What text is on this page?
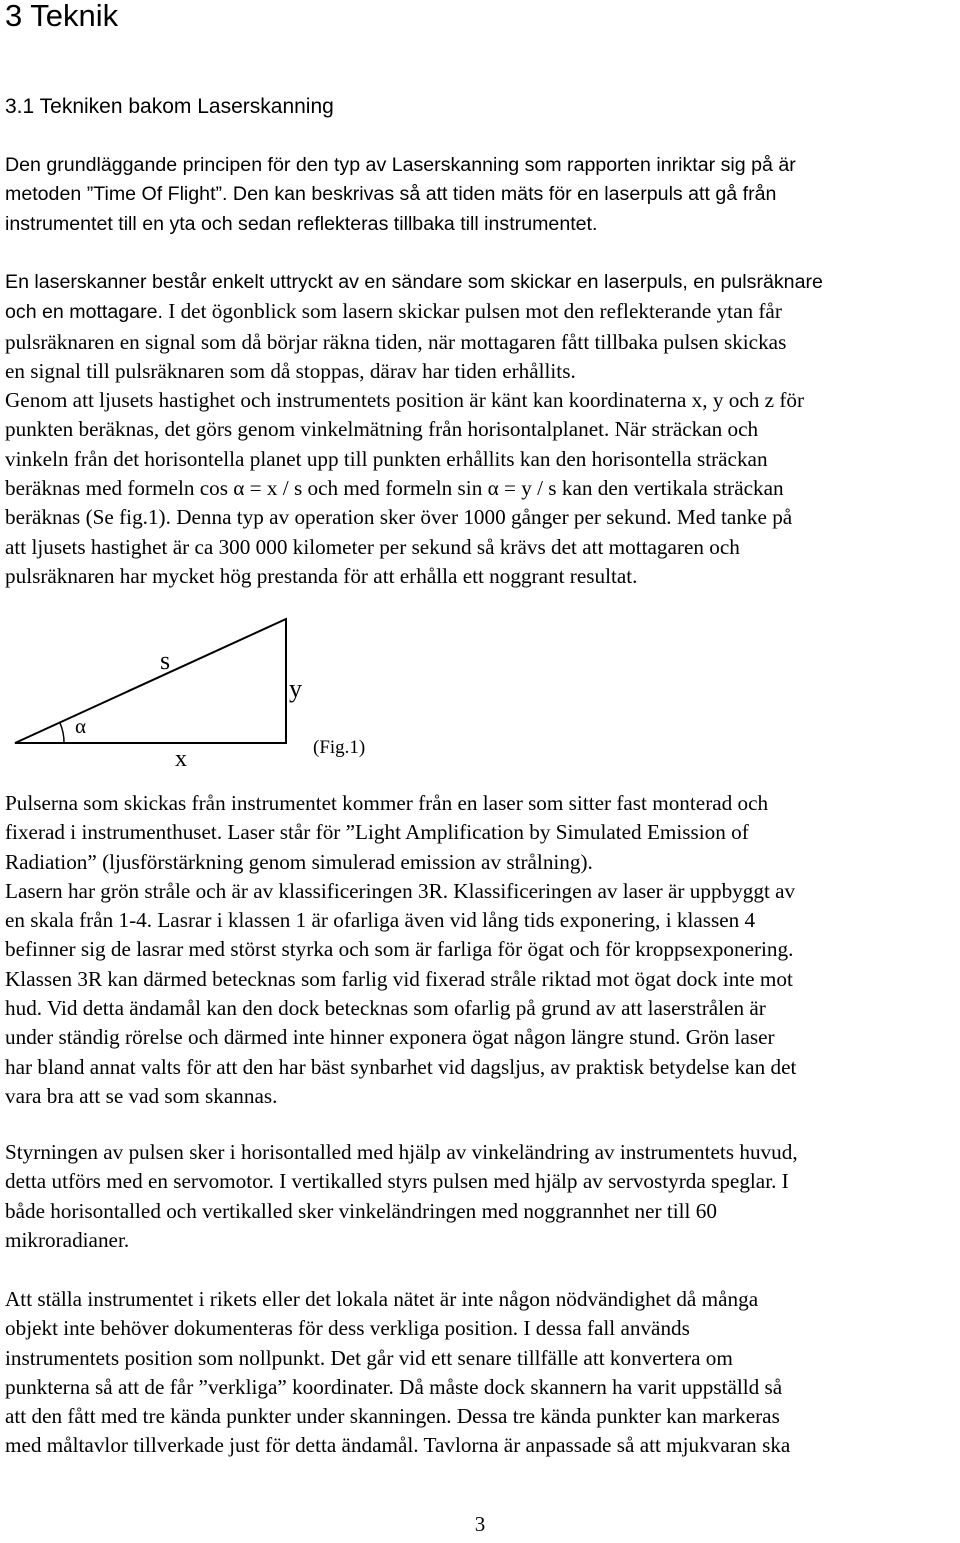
3 Teknik
3.1 Tekniken bakom Laserskanning
Den grundläggande principen för den typ av Laserskanning som rapporten inriktar sig på är
metoden ”Time Of Flight”. Den kan beskrivas så att tiden mäts för en laserpuls att gå från
instrumentet till en yta och sedan reflekteras tillbaka till instrumentet.
En laserskanner består enkelt uttryckt av en sändare som skickar en laserpuls, en pulsräknare
och en mottagare. I det ögonblick som lasern skickar pulsen mot den reflekterande ytan får
pulsräknaren en signal som då börjar räkna tiden, när mottagaren fått tillbaka pulsen skickas
en signal till pulsräknaren som då stoppas, därav har tiden erhållits.
Genom att ljusets hastighet och instrumentets position är känt kan koordinaterna x, y och z för
punkten beräknas, det görs genom vinkelmätning från horisontalplanet. När sträckan och
vinkeln från det horisontella planet upp till punkten erhållits kan den horisontella sträckan
beräknas med formeln cos α = x / s och med formeln sin α = y / s kan den vertikala sträckan
beräknas (Se fig.1). Denna typ av operation sker över 1000 gånger per sekund. Med tanke på
att ljusets hastighet är ca 300 000 kilometer per sekund så krävs det att mottagaren och
pulsräknaren har mycket hög prestanda för att erhålla ett noggrant resultat.
s
y
α
x	(Fig.1)
Pulserna som skickas från instrumentet kommer från en laser som sitter fast monterad och
fixerad i instrumenthuset. Laser står för ”Light Amplification by Simulated Emission of
Radiation” (ljusförstärkning genom simulerad emission av strålning).
Lasern har grön stråle och är av klassificeringen 3R. Klassificeringen av laser är uppbyggt av
en skala från 1-4. Lasrar i klassen 1 är ofarliga även vid lång tids exponering, i klassen 4
befinner sig de lasrar med störst styrka och som är farliga för ögat och för kroppsexponering.
Klassen 3R kan därmed betecknas som farlig vid fixerad stråle riktad mot ögat dock inte mot
hud. Vid detta ändamål kan den dock betecknas som ofarlig på grund av att laserstrålen är
under ständig rörelse och därmed inte hinner exponera ögat någon längre stund. Grön laser
har bland annat valts för att den har bäst synbarhet vid dagsljus, av praktisk betydelse kan det
vara bra att se vad som skannas.
Styrningen av pulsen sker i horisontalled med hjälp av vinkeländring av instrumentets huvud,
detta utförs med en servomotor. I vertikalled styrs pulsen med hjälp av servostyrda speglar. I
både horisontalled och vertikalled sker vinkeländringen med noggrannhet ner till 60
mikroradianer.
Att ställa instrumentet i rikets eller det lokala nätet är inte någon nödvändighet då många
objekt inte behöver dokumenteras för dess verkliga position. I dessa fall används
instrumentets position som nollpunkt. Det går vid ett senare tillfälle att konvertera om
punkterna så att de får ”verkliga” koordinater. Då måste dock skannern ha varit uppställd så
att den fått med tre kända punkter under skanningen. Dessa tre kända punkter kan markeras
med måltavlor tillverkade just för detta ändamål. Tavlorna är anpassade så att mjukvaran ska
3
